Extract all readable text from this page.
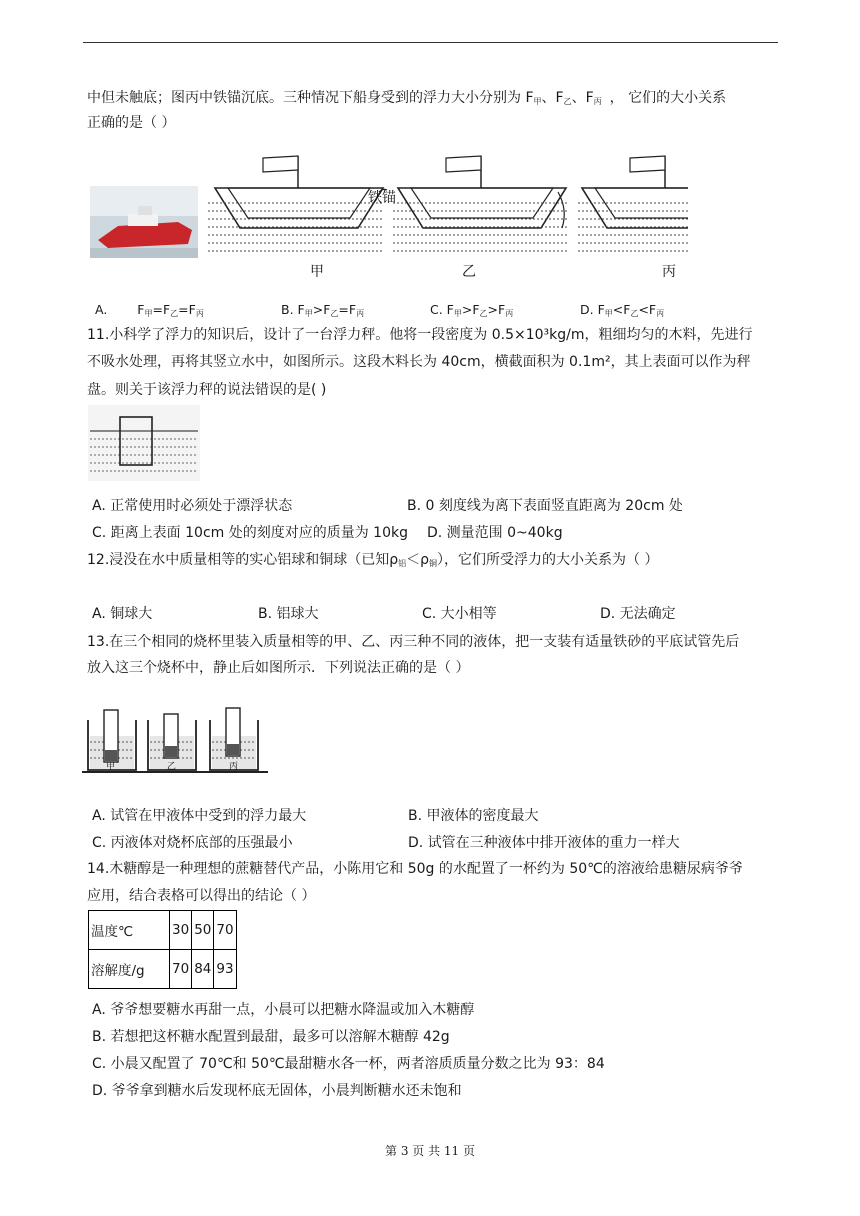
中但未触底；图丙中铁锚沉底。三种情况下船身受到的浮力大小分别为 $F_甲$、$F_乙$、$F_丙$ ， 它们的大小关系
正确的是（ ）
铁锚
甲	乙	丙
A. $F_甲=F_乙=F_丙$	B. $F_甲>F_乙=F_丙$	C. $F_甲>F_乙>F_丙$	D. $F_甲<F_乙<F_丙$
11.小科学了浮力的知识后，设计了一台浮力秤。他将一段密度为 0.5×10³kg/m，粗细均匀的木料，先进行
不吸水处理，再将其竖立水中，如图所示。这段木料长为 40cm，横截面积为 0.1m²，其上表面可以作为秤
盘。则关于该浮力秤的说法错误的是( )
A. 正常使用时必须处于漂浮状态	B. 0 刻度线为离下表面竖直距离为 20cm 处
C. 距离上表面 10cm 处的刻度对应的质量为 10kg D. 测量范围 0~40kg
12.浸没在水中质量相等的实心铝球和铜球（已知$\rho_铝<\rho_铜$），它们所受浮力的大小关系为（ ）
A. 铜球大	B. 铝球大	C. 大小相等	D. 无法确定
13.在三个相同的烧杯里装入质量相等的甲、乙、丙三种不同的液体，把一支装有适量铁砂的平底试管先后
放入这三个烧杯中，静止后如图所示．下列说法正确的是（ ）
甲	乙	丙
A. 试管在甲液体中受到的浮力最大	B. 甲液体的密度最大
C. 丙液体对烧杯底部的压强最小	D. 试管在三种液体中排开液体的重力一样大
14.木糖醇是一种理想的蔗糖替代产品，小陈用它和 50g 的水配置了一杯约为 50℃的溶液给患糖尿病爷爷
应用，结合表格可以得出的结论（ ）
温度℃	30	50	70
溶解度/g	70	84	93
A. 爷爷想要糖水再甜一点，小晨可以把糖水降温或加入木糖醇
B. 若想把这杯糖水配置到最甜，最多可以溶解木糖醇 42g
C. 小晨又配置了 70℃和 50℃最甜糖水各一杯，两者溶质质量分数之比为 93：84
D. 爷爷拿到糖水后发现杯底无固体，小晨判断糖水还未饱和
第 3 页 共 11 页
